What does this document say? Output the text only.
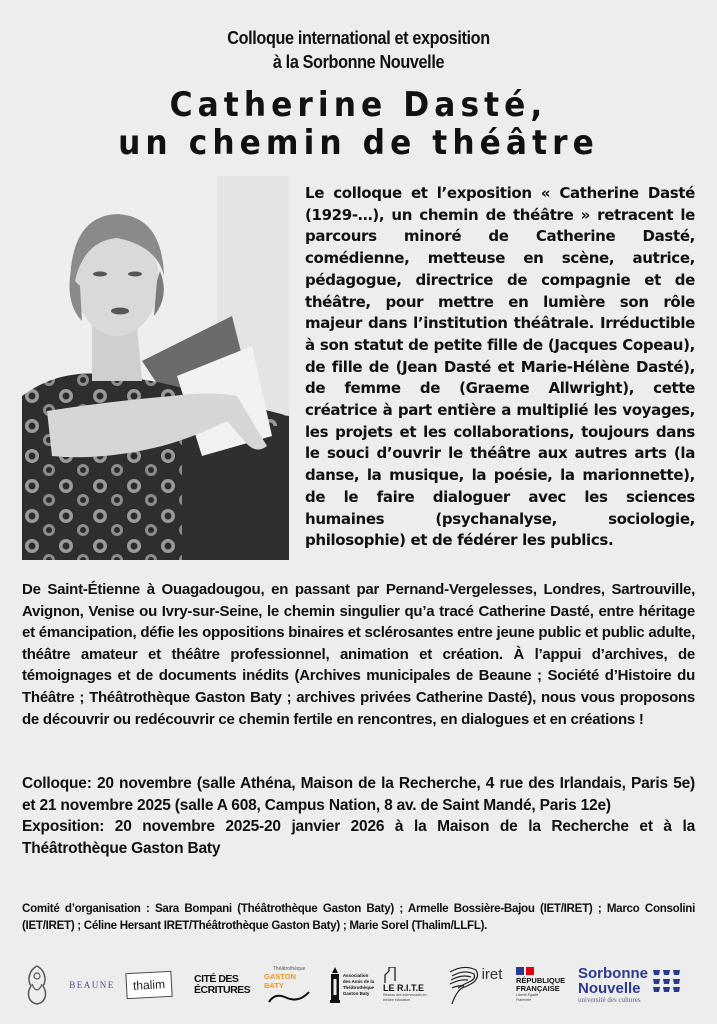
Colloque international et exposition
à la Sorbonne Nouvelle
Catherine Dasté,
un chemin de théâtre
Le colloque et l’exposition « Catherine Dasté (1929-…), un chemin de théâtre » retracent le parcours minoré de Catherine Dasté, comédienne, metteuse en scène, autrice, pédagogue, directrice de compagnie et de théâtre, pour mettre en lumière son rôle majeur dans l’institution théâtrale. Irréductible à son statut de petite fille de (Jacques Copeau), de fille de (Jean Dasté et Marie-Hélène Dasté), de femme de (Graeme Allwright), cette créatrice à part entière a multiplié les voyages, les projets et les collaborations, toujours dans le souci d’ouvrir le théâtre aux autres arts (la danse, la musique, la poésie, la marionnette), de le faire dialoguer avec les sciences humaines (psychanalyse, sociologie, philosophie) et de fédérer les publics.
De Saint-Étienne à Ouagadougou, en passant par Pernand-Vergelesses, Londres, Sartrouville, Avignon, Venise ou Ivry-sur-Seine, le chemin singulier qu’a tracé Catherine Dasté, entre héritage et émancipation, défie les oppositions binaires et sclérosantes entre jeune public et public adulte, théâtre amateur et théâtre professionnel, animation et création. À l’appui d’archives, de témoignages et de documents inédits (Archives municipales de Beaune ; Société d’Histoire du Théâtre ; Théâtrothèque Gaston Baty ; archives privées Catherine Dasté), nous vous proposons de découvrir ou redécouvrir ce chemin fertile en rencontres, en dialogues et en créations !

Colloque: 20 novembre (salle Athéna, Maison de la Recherche, 4 rue des Irlandais, Paris 5e) et 21 novembre 2025 (salle A 608, Campus Nation, 8 av. de Saint Mandé, Paris 12e)

Exposition: 20 novembre 2025-20 janvier 2026 à la Maison de la Recherche et à la Théâtrothèque Gaston Baty

Comité d’organisation : Sara Bompani (Théâtrothèque Gaston Baty) ; Armelle Bossière-Bajou (IET/IRET) ; Marco Consolini (IET/IRET) ; Céline Hersant IRET/Théâtrothèque Gaston Baty) ; Marie Sorel (Thalim/LLFL).
BEAUNE	thalim	CITÉ DES
ÉCRITURES
Théâtrothèque
GASTON BATY
Association
des Amis de la
Théâtrothèque
Gaston Baty
LE R.I.T.E
Réseau des intervenants en théâtre éducation
iret RÉPUBLIQUE
FRANÇAISE
Liberté Égalité Fraternité
Sorbonne
Nouvelle
université des cultures
